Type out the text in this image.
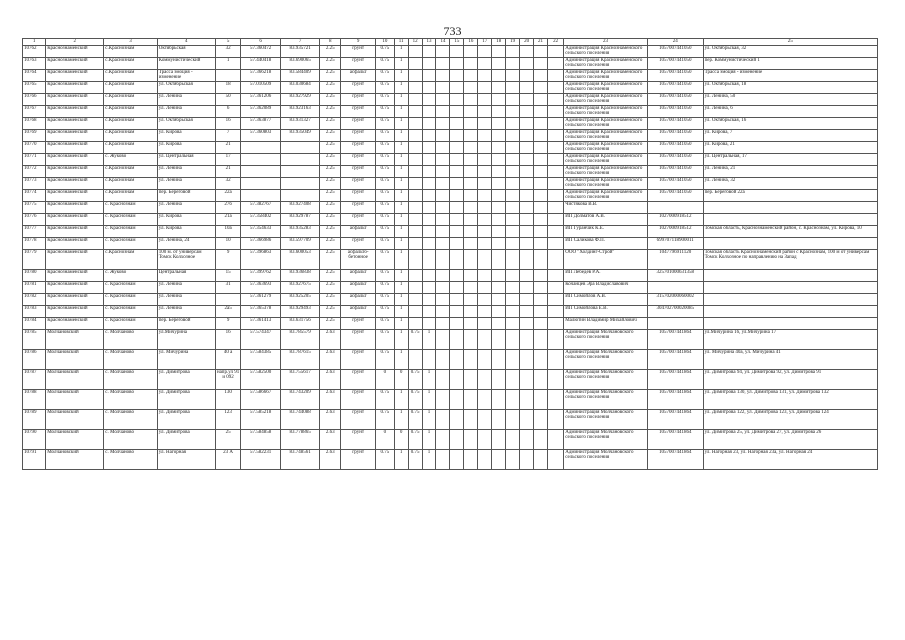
733
1	2	3	4	5	6	7	8	9	10	11	12	13	14	15	16	17	18	19	20	21	22	23	24	25
10762	Краснознаменский	с.Краснознам	Октябрьская	32	57.360472	83.935721	2.25	грунт	0.75	1												Администрация Краснознаменского сельского поселения	1057007441050	ул. Октябрьская, 32
10763	Краснознаменский	с.Краснознам	Коммунистический	1	57.440418	83.690065	2.25	грунт	0.75	1												Администрация Краснознаменского сельского поселения	1057007441050	пер. Коммунистический 1
10764	Краснознаменский	с.Краснознам	Трасса эмоция - изменение		57.366218	83.584409	2.25	асфальт	0.75	1												Администрация Краснознаменского сельского поселения	1057007441050	Трасса эмоция - изменение
10765	Краснознаменский	с.Краснознам	ул. Октябрьская	18	57.010509	83.030684	2.25	грунт	0.75	1												Администрация Краснознаменского сельского поселения	1057007441050	ул. Октябрьская, 18
10766	Краснознаменский	с.Краснознам	ул. Ленина	50	57.361206	83.927929	2.25	грунт	0.75	1												Администрация Краснознаменского сельского поселения	1057007441050	ул. Ленина, 50
10767	Краснознаменский	с.Краснознам	ул. Ленина	6	57.362089	83.923163	2.25	грунт	0.75	1												Администрация Краснознаменского сельского поселения	1057007441050	ул. Ленина, 6
10768	Краснознаменский	с.Краснознам	ул. Октябрьская	16	57.363877	83.931327	2.25	грунт	0.75	1												Администрация Краснознаменского сельского поселения	1057007441050	ул. Октябрьская, 16
10769	Краснознаменский	с.Краснознам	ул. Кирова	7	57.360803	83.935049	2.25	грунт	0.75	1												Администрация Краснознаменского сельского поселения	1057007441050	ул. Кирова, 7
10770	Краснознаменский	с.Краснознам	ул. Кирова	21			2.25	грунт	0.75	1												Администрация Краснознаменского сельского поселения	1057007441050	ул. Кирова, 21
10771	Краснознаменский	с. Жуково	ул. Центральная	17			2.25	грунт	0.75	1												Администрация Краснознаменского сельского поселения	1057007441050	ул. Центральная, 17
10772	Краснознаменский	с.Краснознам	ул. Ленина	21			2.25	грунт	0.75	1												Администрация Краснознаменского сельского поселения	1057007441050	ул. Ленина, 21
10773	Краснознаменский	с.Краснознам	ул. Ленина	32			2.25	грунт	0.75	1												Администрация Краснознаменского сельского поселения	1057007441050	ул. Ленина, 32
10774	Краснознаменский	с.Краснознам	пер. Береговой	22а			2.25	грунт	0.75	1												Администрация Краснознаменского сельского поселения	1057007441050	пер. Береговой 22а
10775	Краснознаменский	с. Краснознам	ул. Ленина	27б	57.382767	83.927408	2.25	грунт	0.75	1												Чистякова В.В.		
10776	Краснознаменский	с. Краснознам	ул. Кирова	21а	57.358402	83.929787	2.25	грунт	0.75	1												ИП Долматов А.В.	1027000918512	
10777	Краснознаменский	с. Краснознам	ул. Кирова	10а	57.354633	83.935283	2.25	асфальт	0.75	1												ИП Гуранчик К.Е.	1027000918512	Томская область, Краснознаменский район, с. Краснознам, ул. Кирова, 10
10778	Краснознаменский	с. Краснознам	ул. Ленина, 24	10	57.366986	83.597709	2.25	грунт	0.75	1												ИП Саликова Ф.П.	699707118900011	
10779	Краснознаменский	с.Краснознам	100 м. от универсам Томск Колхозное	9	57.396863	83.600053	2.25	асфальто-бетонное	0.75	1												ООО "Холдинг-Строй"	1047796911120	Томская область Краснознаменский район с Краснознам, 100 м от универсам Томск Колхозное по направлению на Запад
10780	Краснознаменский	с. Жуково	Центральная	15	57.399762	83.936838	2.25	асфальт	0.75	1												ИП Лебедев Р.А.	325701000631358	
10781	Краснознаменский	с. Краснознам	ул. Ленина	31	57.363693	83.927675	2.25	асфальт	0.75	1												Кочанцев Эра Владиславович		
10782	Краснознаменский	с. Краснознам	ул. Ленина		57.361279	83.925205	2.25	асфальт	0.75	1												ИП Симойлов А.В.	315702000060002	
10783	Краснознаменский	с. Краснознам	ул. Ленина	2а5	57.365378	83.929493	2.25	асфальт	0.75	1												ИП Симойлова Е.В.	304702700020085	
10784	Краснознаменский	с. Краснознам	пер. Береговой	9	57.361413	83.631756	2.25	грунт	0.75	1												Малютин Владимир Михайлович		
10785	Молчановский	с. Молчаново	ул.Мичурина	16	57.574347	83.785579	2.63	грунт	0.75	1	0.75	1										Администрация Молчановского сельского поселения	1057007441864	ул.Мичурина 16, ул.Мичурина 17
10786	Молчановский	с. Молчаново	ул. Мичурина	40 а	57.584385	83.787615	2.63	грунт	0.75	1												Администрация Молчановского сельского поселения	1057007441864	ул. Мичурина 40а, ул. Мичурина 41
10787	Молчановский	с. Молчаново	ул. Димитрова	напр.ул 91 и 092	57.582500	83.755617	2.63	грунт	0	0	0.75	1										Администрация Молчановского сельского поселения	1057007441864	ул. Димитрова 94, ул. Димитрова 92, ул. Димитрова 91
10788	Молчановский	с. Молчаново	ул. Димитрова	130	57.586667	83.743209	2.63	грунт	0.75	1	0.75	1										Администрация Молчановского сельского поселения	1057007441864	ул. Димитрова 130, ул. Димитрова 131, ул. Димитрова 132
10789	Молчановский	с. Молчаново	ул. Димитрова	123	57.585218	83.744088	2.63	грунт	0.75	1	0.75	1										Администрация Молчановского сельского поселения	1057007441864	ул. Димитрова 122, ул. Димитрова 123, ул. Димитрова 124
10790	Молчановский	с. Молчаново	ул. Димитрова	25	57.584858	83.778865	2.63	грунт	0	0	0.75	1										Администрация Молчановского сельского поселения	1057007441864	ул. Димитрова 25, ул. Димитрова 27, ул. Димитрова 26
10791	Молчановский	с. Молчаново	ул. Нагорная	23 А	57.582231	83.748561	2.63	грунт	0.75	1	0.75	1										Администрация Молчановского сельского поселения	1057007441864	ул. Нагорная 23, ул. Нагорная 23а, ул. Нагорная 24
